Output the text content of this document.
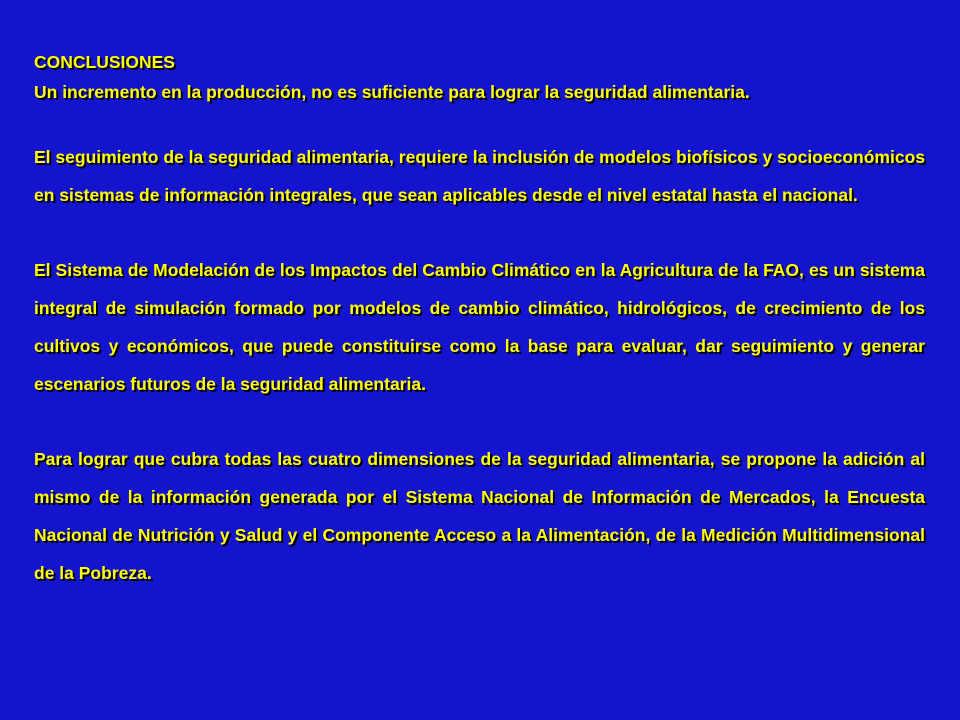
CONCLUSIONES

Un incremento en la producción, no es suficiente para lograr la seguridad alimentaria.

El seguimiento de la seguridad alimentaria, requiere la inclusión de modelos biofísicos y socioeconómicos en sistemas de información integrales, que sean aplicables desde el nivel estatal hasta el nacional.

El Sistema de Modelación de los Impactos del Cambio Climático en la Agricultura de la FAO, es un sistema integral de simulación formado por modelos de cambio climático, hidrológicos, de crecimiento de los cultivos y económicos, que puede constituirse como la base para evaluar, dar seguimiento y generar escenarios futuros de la seguridad alimentaria.

Para lograr que cubra todas las cuatro dimensiones de la seguridad alimentaria, se propone la adición al mismo de la información generada por el Sistema Nacional de Información de Mercados, la Encuesta Nacional de Nutrición y Salud y el Componente Acceso a la Alimentación, de la Medición Multidimensional de la Pobreza.
